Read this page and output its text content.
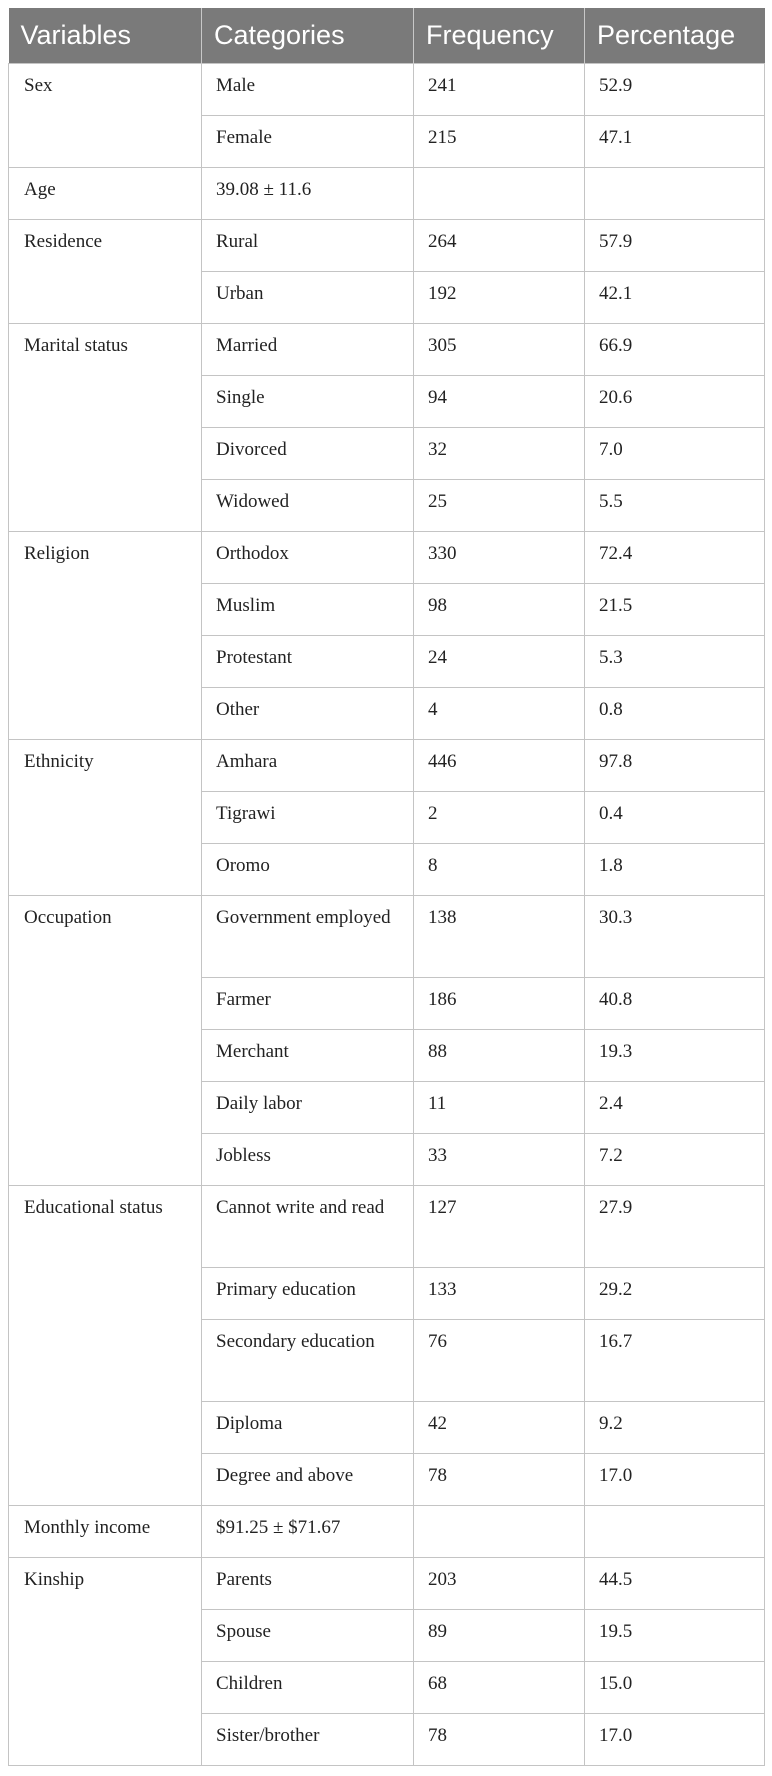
Variables	Categories	Frequency	Percentage
Sex	Male	241	52.9
	Female	215	47.1
Age	39.08 ± 11.6		
Residence	Rural	264	57.9
	Urban	192	42.1
Marital status	Married	305	66.9
	Single	94	20.6
	Divorced	32	7.0
	Widowed	25	5.5
Religion	Orthodox	330	72.4
	Muslim	98	21.5
	Protestant	24	5.3
	Other	4	0.8
Ethnicity	Amhara	446	97.8
	Tigrawi	2	0.4
	Oromo	8	1.8
Occupation	Government employed	138	30.3
	Farmer	186	40.8
	Merchant	88	19.3
	Daily labor	11	2.4
	Jobless	33	7.2
Educational status	Cannot write and read	127	27.9
	Primary education	133	29.2
	Secondary education	76	16.7
	Diploma	42	9.2
	Degree and above	78	17.0
Monthly income	$91.25 ± $71.67		
Kinship	Parents	203	44.5
	Spouse	89	19.5
	Children	68	15.0
	Sister/brother	78	17.0
